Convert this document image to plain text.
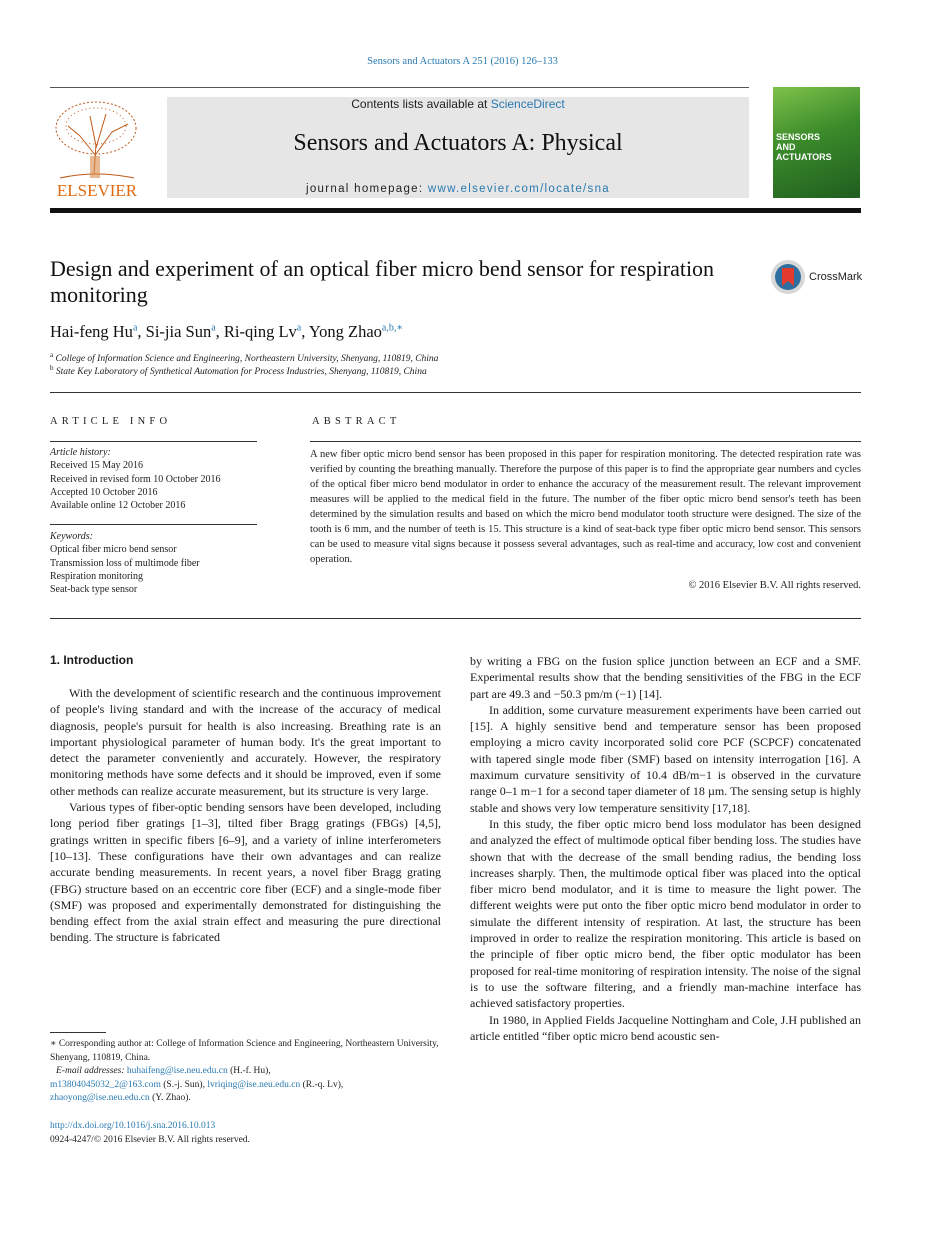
Sensors and Actuators A 251 (2016) 126–133
ELSEVIER
Contents lists available at ScienceDirect
Sensors and Actuators A: Physical
journal homepage: www.elsevier.com/locate/sna
SENSORS AND ACTUATORS
Design and experiment of an optical fiber micro bend sensor for respiration monitoring
CrossMark
Hai-feng Hu$^a$, Si-jia Sun$^a$, Ri-qing Lv$^a$, Yong Zhao$^{a,b,∗}$
$^a$ College of Information Science and Engineering, Northeastern University, Shenyang, 110819, China
$^b$ State Key Laboratory of Synthetical Automation for Process Industries, Shenyang, 110819, China
ARTICLE INFO
Article history:
Received 15 May 2016
Received in revised form 10 October 2016
Accepted 10 October 2016
Available online 12 October 2016
Keywords:
Optical fiber micro bend sensor
Transmission loss of multimode fiber
Respiration monitoring
Seat-back type sensor
ABSTRACT
A new fiber optic micro bend sensor has been proposed in this paper for respiration monitoring. The detected respiration rate was verified by counting the breathing manually. Therefore the purpose of this paper is to find the appropriate gear numbers and cycles of the optical fiber micro bend modulator in order to enhance the accuracy of the measurement result. The relevant improvement measures will be applied to the medical field in the future. The number of the fiber optic micro bend sensor's teeth has been determined by the simulation results and based on which the micro bend modulator tooth structure were designed. The size of the tooth is 6 mm, and the number of teeth is 15. This structure is a kind of seat-back type fiber optic micro bend sensor. This sensors can be used to measure vital signs because it possess several advantages, such as real-time and accuracy, low cost and convenient operation.
© 2016 Elsevier B.V. All rights reserved.
1. Introduction

With the development of scientific research and the continuous improvement of people's living standard and with the increase of the accuracy of medical diagnosis, people's pursuit for health is also increasing. Breathing rate is an important physiological parameter of human body. It's the great important to detect the parameter conveniently and accurately. However, the respiratory monitoring methods have some defects and it should be improved, even if some other methods can realize accurate measurement, but its structure is very large.

Various types of fiber-optic bending sensors have been developed, including long period fiber gratings [1–3], tilted fiber Bragg gratings (FBGs) [4,5], gratings written in specific fibers [6–9], and a variety of inline interferometers [10–13]. These configurations have their own advantages and can realize accurate bending measurements. In recent years, a novel fiber Bragg grating (FBG) structure based on an eccentric core fiber (ECF) and a single-mode fiber (SMF) was proposed and experimentally demonstrated for distinguishing the bending effect from the axial strain effect and measuring the pure directional bending. The structure is fabricated

by writing a FBG on the fusion splice junction between an ECF and a SMF. Experimental results show that the bending sensitivities of the FBG in the ECF part are 49.3 and −50.3 pm/m (−1) [14].

In addition, some curvature measurement experiments have been carried out [15]. A highly sensitive bend and temperature sensor has been proposed employing a micro cavity incorporated solid core PCF (SCPCF) concatenated with tapered single mode fiber (SMF) based on intensity interrogation [16]. A maximum curvature sensitivity of 10.4 dB/m−1 is observed in the curvature range 0–1 m−1 for a second taper diameter of 18 µm. The sensing setup is highly stable and shows very low temperature sensitivity [17,18].

In this study, the fiber optic micro bend loss modulator has been designed and analyzed the effect of multimode optical fiber bending loss. The studies have shown that with the decrease of the small bending radius, the bending loss increases sharply. Then, the multimode optical fiber was placed into the optical fiber micro bend modulator, and it is time to measure the light power. The different weights were put onto the fiber optic micro bend modulator in order to simulate the different intensity of respiration. At last, the structure has been improved in order to realize the respiration monitoring. This article is based on the principle of fiber optic micro bend, the fiber optic modulator has been proposed for real-time monitoring of respiration intensity. The noise of the signal is to use the software filtering, and a friendly man-machine interface has achieved satisfactory properties.

In 1980, in Applied Fields Jacqueline Nottingham and Cole, J.H published an article entitled “fiber optic micro bend acoustic sen-

∗ Corresponding author at: College of Information Science and Engineering, Northeastern University, Shenyang, 110819, China.
E-mail addresses: huhaifeng@ise.neu.edu.cn (H.-f. Hu),
m13804045032_2@163.com (S.-j. Sun), lvriqing@ise.neu.edu.cn (R.-q. Lv),
zhaoyong@ise.neu.edu.cn (Y. Zhao).
http://dx.doi.org/10.1016/j.sna.2016.10.013
0924-4247/© 2016 Elsevier B.V. All rights reserved.
